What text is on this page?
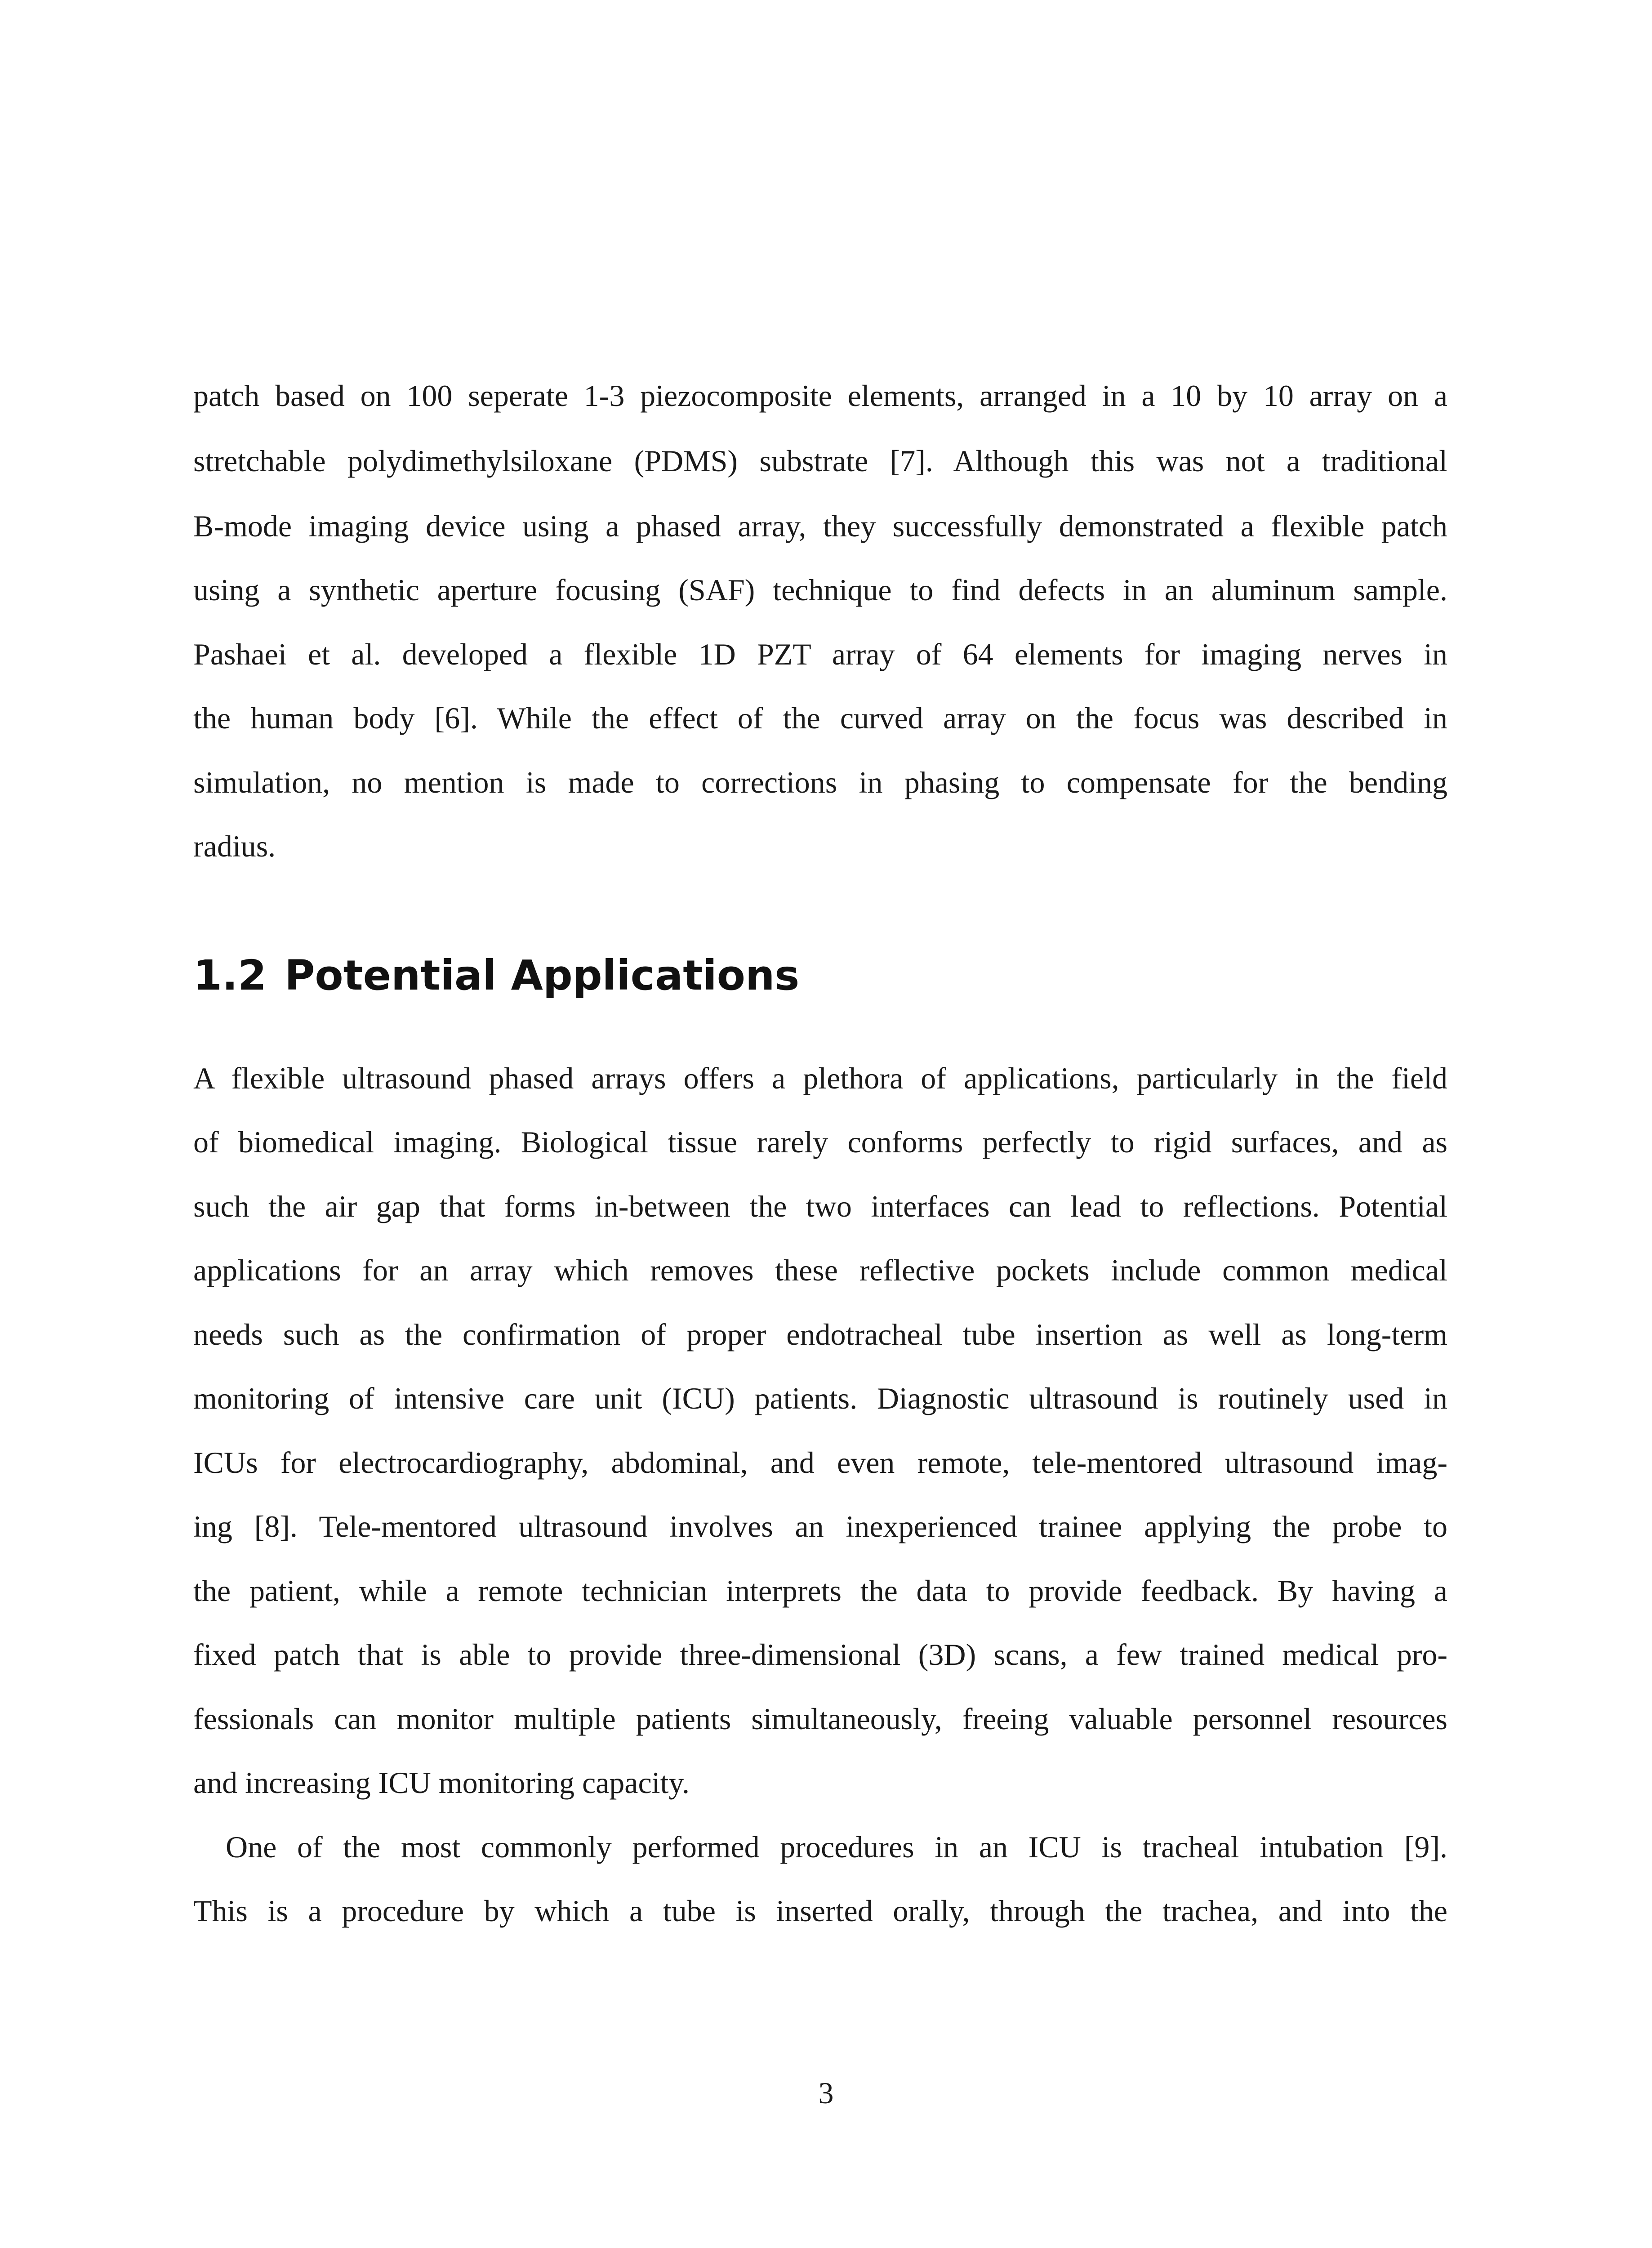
patch based on 100 seperate 1-3 piezocomposite elements, arranged in a 10 by 10 array on a
stretchable polydimethylsiloxane (PDMS) substrate [7]. Although this was not a traditional
B-mode imaging device using a phased array, they successfully demonstrated a flexible patch
using a synthetic aperture focusing (SAF) technique to find defects in an aluminum sample.
Pashaei et al. developed a flexible 1D PZT array of 64 elements for imaging nerves in
the human body [6]. While the effect of the curved array on the focus was described in
simulation, no mention is made to corrections in phasing to compensate for the bending
radius.
1.2 Potential Applications
A flexible ultrasound phased arrays offers a plethora of applications, particularly in the field
of biomedical imaging. Biological tissue rarely conforms perfectly to rigid surfaces, and as
such the air gap that forms in-between the two interfaces can lead to reflections. Potential
applications for an array which removes these reflective pockets include common medical
needs such as the confirmation of proper endotracheal tube insertion as well as long-term
monitoring of intensive care unit (ICU) patients. Diagnostic ultrasound is routinely used in
ICUs for electrocardiography, abdominal, and even remote, tele-mentored ultrasound imag-
ing [8]. Tele-mentored ultrasound involves an inexperienced trainee applying the probe to
the patient, while a remote technician interprets the data to provide feedback. By having a
fixed patch that is able to provide three-dimensional (3D) scans, a few trained medical pro-
fessionals can monitor multiple patients simultaneously, freeing valuable personnel resources
and increasing ICU monitoring capacity.
One of the most commonly performed procedures in an ICU is tracheal intubation [9].
This is a procedure by which a tube is inserted orally, through the trachea, and into the
3
